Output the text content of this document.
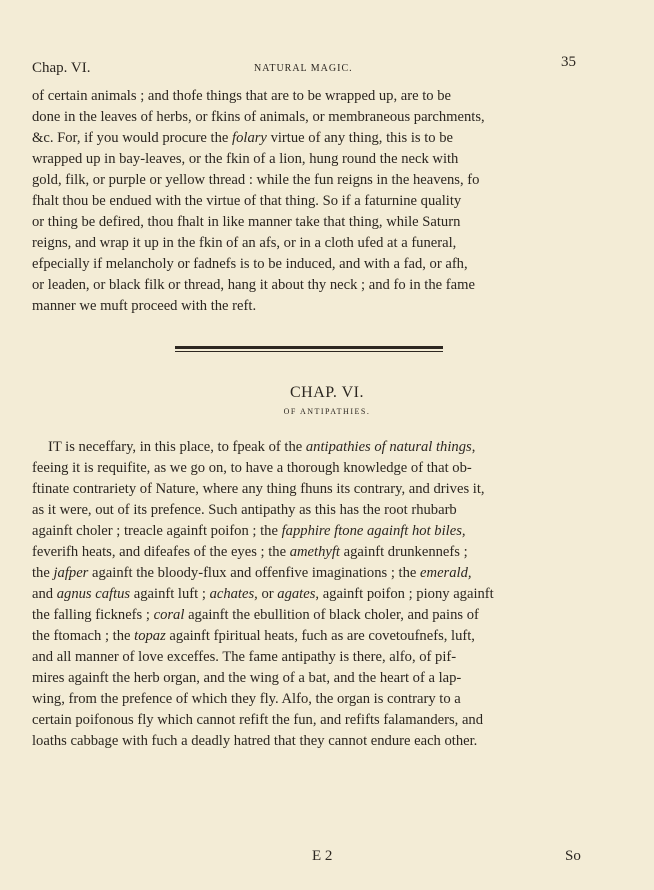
Chap. VI.	NATURAL MAGIC.	35
of certain animals ; and thofe things that are to be wrapped up, are to be
done in the leaves of herbs, or fkins of animals, or membraneous parchments,
&c. For, if you would procure the folary virtue of any thing, this is to be
wrapped up in bay-leaves, or the fkin of a lion, hung round the neck with
gold, filk, or purple or yellow thread : while the fun reigns in the heavens, fo
fhalt thou be endued with the virtue of that thing. So if a faturnine quality
or thing be defired, thou fhalt in like manner take that thing, while Saturn
reigns, and wrap it up in the fkin of an afs, or in a cloth ufed at a funeral,
efpecially if melancholy or fadnefs is to be induced, and with a fad, or afh,
or leaden, or black filk or thread, hang it about thy neck ; and fo in the fame
manner we muft proceed with the reft.
CHAP. VI.
OF ANTIPATHIES.
IT is neceffary, in this place, to fpeak of the antipathies of natural things,
feeing it is requifite, as we go on, to have a thorough knowledge of that ob-
ftinate contrariety of Nature, where any thing fhuns its contrary, and drives it,
as it were, out of its prefence. Such antipathy as this has the root rhubarb
againft choler ; treacle againft poifon ; the fapphire ftone againft hot biles,
feverifh heats, and difeafes of the eyes ; the amethyft againft drunkennefs ;
the jafper againft the bloody-flux and offenfive imaginations ; the emerald,
and agnus caftus againft luft ; achates, or agates, againft poifon ; piony againft
the falling ficknefs ; coral againft the ebullition of black choler, and pains of
the ftomach ; the topaz againft fpiritual heats, fuch as are covetoufnefs, luft,
and all manner of love exceffes. The fame antipathy is there, alfo, of pif-
mires againft the herb organ, and the wing of a bat, and the heart of a lap-
wing, from the prefence of which they fly. Alfo, the organ is contrary to a
certain poifonous fly which cannot refift the fun, and refifts falamanders, and
loaths cabbage with fuch a deadly hatred that they cannot endure each other.
E 2	So
